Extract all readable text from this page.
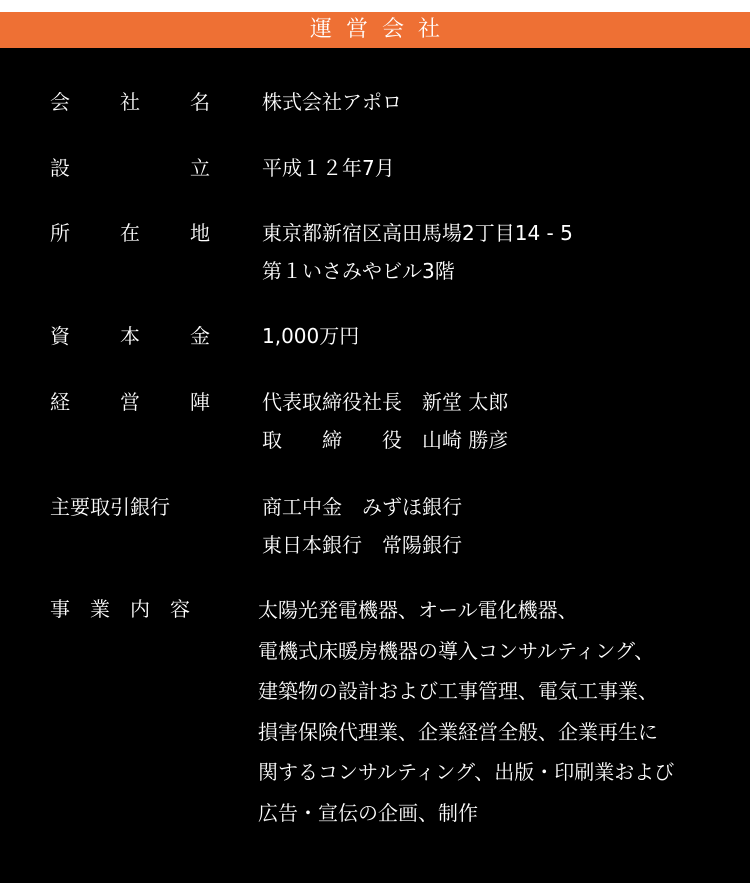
運営会社
会	社	名	株式会社アポロ
設	立	平成１２年7月
所	在	地	東京都新宿区高田馬場2丁目14 - 5
第１いさみやビル3階
資	本	金	1,000万円
経	営	陣	代表取締役社長　新堂 太郎
取　　締　　役　山崎 勝彦
主要取引銀行	商工中金　みずほ銀行
東日本銀行　常陽銀行
事 業 内 容	太陽光発電機器、オール電化機器、
電機式床暖房機器の導入コンサルティング、
建築物の設計および工事管理、電気工事業、
損害保険代理業、企業経営全般、企業再生に
関するコンサルティング、出版・印刷業および
広告・宣伝の企画、制作
